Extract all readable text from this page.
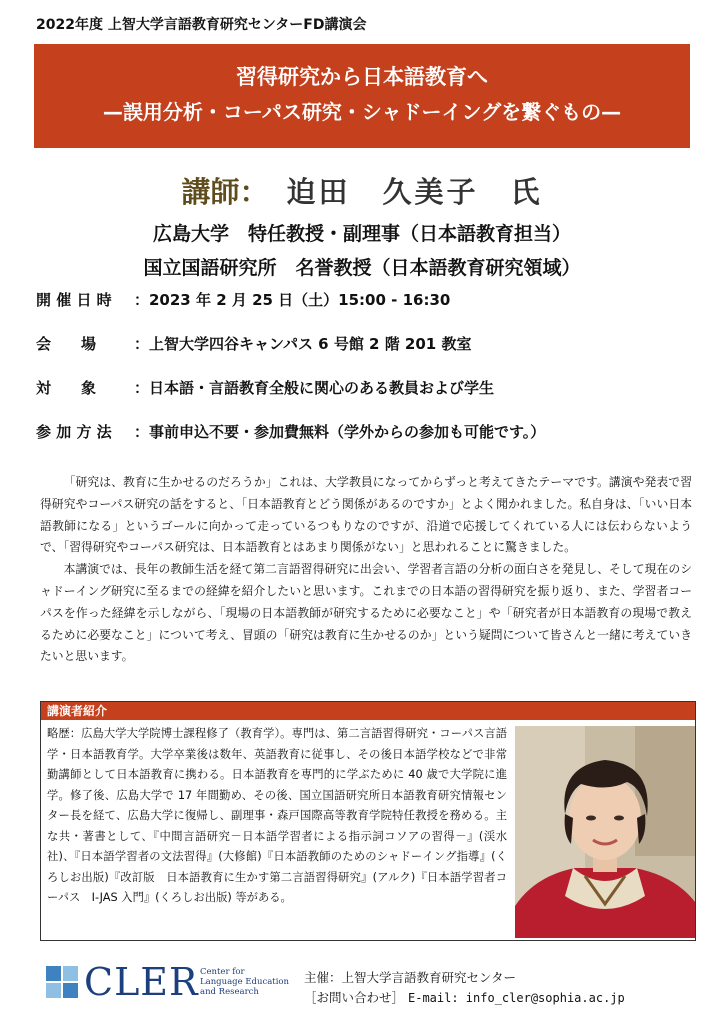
2022年度 上智大学言語教育研究センターFD講演会
習得研究から日本語教育へ
—誤用分析・コーパス研究・シャドーイングを繋ぐもの—
講師： 迫田　久美子　氏
広島大学　特任教授・副理事（日本語教育担当）
国立国語研究所　名誉教授（日本語教育研究領域）
開 催 日 時 ：2023 年 2 月 25 日（土）15:00 - 16:30
会　　場	：上智大学四谷キャンパス 6 号館 2 階 201 教室
対　　象	：日本語・言語教育全般に関心のある教員および学生
参 加 方 法 ：事前申込不要・参加費無料（学外からの参加も可能です。）

「研究は、教育に生かせるのだろうか」これは、大学教員になってからずっと考えてきたテーマです。講演や発表で習得研究やコーパス研究の話をすると、「日本語教育とどう関係があるのですか」とよく聞かれました。私自身は、「いい日本語教師になる」というゴールに向かって走っているつもりなのですが、沿道で応援してくれている人には伝わらないようで、「習得研究やコーパス研究は、日本語教育とはあまり関係がない」と思われることに驚きました。

本講演では、長年の教師生活を経て第二言語習得研究に出会い、学習者言語の分析の面白さを発見し、そして現在のシャドーイング研究に至るまでの経緯を紹介したいと思います。これまでの日本語の習得研究を振り返り、また、学習者コーパスを作った経緯を示しながら、「現場の日本語教師が研究するために必要なこと」や「研究者が日本語教育の現場で教えるために必要なこと」について考え、冒頭の「研究は教育に生かせるのか」という疑問について皆さんと一緒に考えていきたいと思います。

講演者紹介
略歴：広島大学大学院博士課程修了（教育学）。専門は、第二言語習得研究・コーパス言語学・日本語教育学。大学卒業後は数年、英語教育に従事し、その後日本語学校などで非常勤講師として日本語教育に携わる。日本語教育を専門的に学ぶために 40 歳で大学院に進学。修了後、広島大学で 17 年間勤め、その後、国立国語研究所日本語教育研究情報センター長を経て、広島大学に復帰し、副理事・森戸国際高等教育学院特任教授を務める。主な共・著書として、『中間言語研究－日本語学習者による指示詞コソアの習得－』(渓水社)、『日本語学習者の文法習得』(大修館)『日本語教師のためのシャドーイング指導』(くろしお出版)『改訂版　日本語教育に生かす第二言語習得研究』(アルク)『日本語学習者コーパス　I-JAS 入門』(くろしお出版) 等がある。
CLER Center for
Language Education
and Research
主催：上智大学言語教育研究センター
［お問い合わせ］ E-mail: info_cler@sophia.ac.jp
